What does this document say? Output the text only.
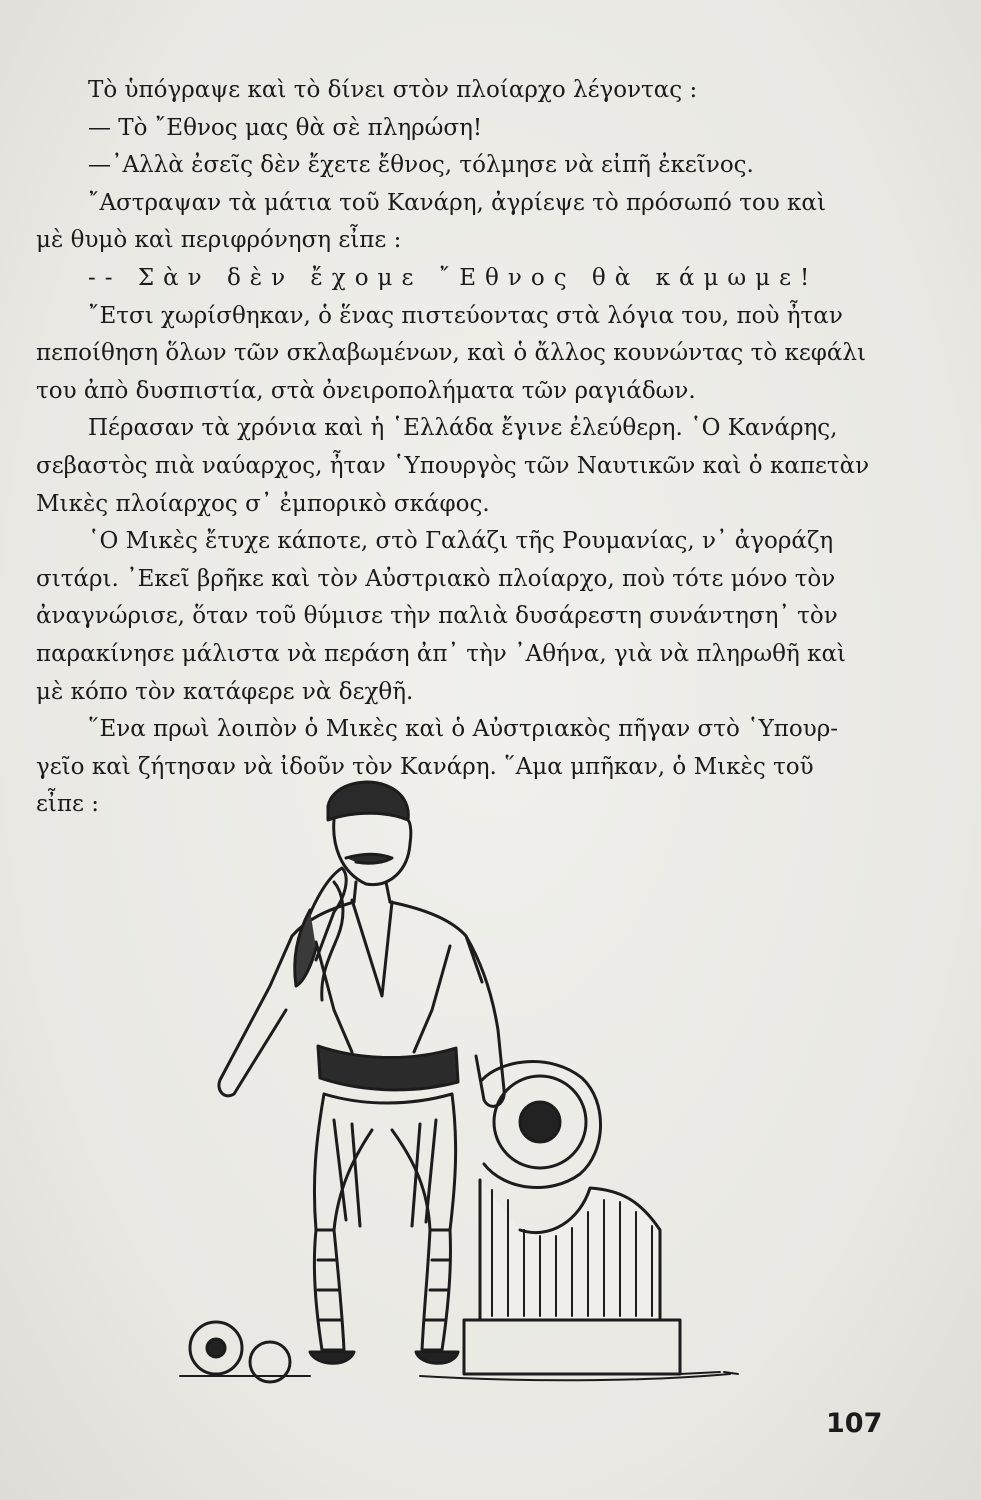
Τὸ ὑπόγραψε καὶ τὸ δίνει στὸν πλοίαρχο λέγοντας :
— Τὸ ῎Εθνος μας θὰ σὲ πληρώση!
—᾿Αλλὰ ἐσεῖς δὲν ἔχετε ἔθνος, τόλμησε νὰ εἰπῆ ἐκεῖνος.
῎Αστραψαν τὰ μάτια τοῦ Κανάρη, ἀγρίεψε τὸ πρόσωπό του καὶ
μὲ θυμὸ καὶ περιφρόνηση εἶπε :
-- Σὰν δὲν ἔχομε ῎Εθνος θὰ κάμωμε!
῎Ετσι χωρίσθηκαν, ὁ ἕνας πιστεύοντας στὰ λόγια του, ποὺ ἦταν
πεποίθηση ὅλων τῶν σκλαβωμένων, καὶ ὁ ἄλλος κουνώντας τὸ κεφάλι
του ἀπὸ δυσπιστία, στὰ ὀνειροπολήματα τῶν ραγιάδων.
Πέρασαν τὰ χρόνια καὶ ἡ ῾Ελλάδα ἔγινε ἐλεύθερη. ῾Ο Κανάρης,
σεβαστὸς πιὰ ναύαρχος, ἦταν ῾Υπουργὸς τῶν Ναυτικῶν καὶ ὁ καπετὰν
Μικὲς πλοίαρχος σ᾿ ἐμπορικὸ σκάφος.
῾Ο Μικὲς ἔτυχε κάποτε, στὸ Γαλάζι τῆς Ρουμανίας, ν᾿ ἀγοράζη
σιτάρι. ᾿Εκεῖ βρῆκε καὶ τὸν Αὐστριακὸ πλοίαρχο, ποὺ τότε μόνο τὸν
ἀναγνώρισε, ὅταν τοῦ θύμισε τὴν παλιὰ δυσάρεστη συνάντηση᾿ τὸν
παρακίνησε μάλιστα νὰ περάση ἀπ᾿ τὴν ᾿Αθήνα, γιὰ νὰ πληρωθῆ καὶ
μὲ κόπο τὸν κατάφερε νὰ δεχθῆ.
῞Ενα πρωὶ λοιπὸν ὁ Μικὲς καὶ ὁ Αὐστριακὸς πῆγαν στὸ ῾Υπουρ-
γεῖο καὶ ζήτησαν νὰ ἰδοῦν τὸν Κανάρη. ῞Αμα μπῆκαν, ὁ Μικὲς τοῦ
εἶπε :
107
